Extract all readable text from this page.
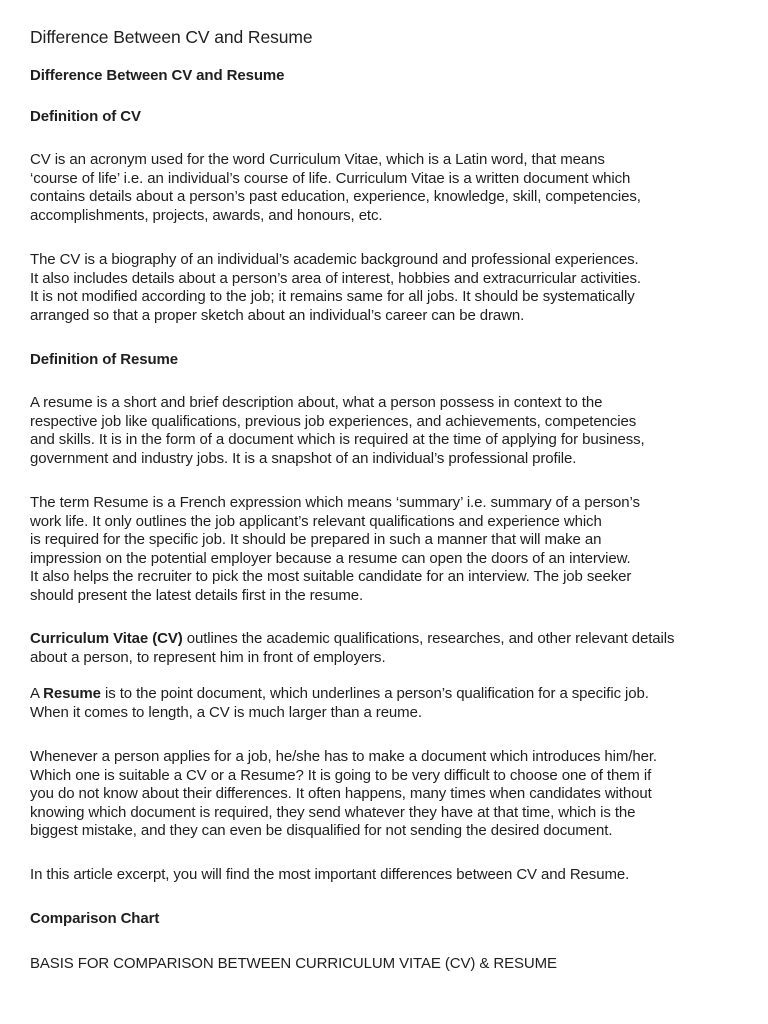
Difference Between CV and Resume
Difference Between CV and Resume
Definition of CV

CV is an acronym used for the word Curriculum Vitae, which is a Latin word, that means
‘course of life’ i.e. an individual’s course of life. Curriculum Vitae is a written document which
contains details about a person’s past education, experience, knowledge, skill, competencies,
accomplishments, projects, awards, and honours, etc.

The CV is a biography of an individual’s academic background and professional experiences.
It also includes details about a person’s area of interest, hobbies and extracurricular activities.
It is not modified according to the job; it remains same for all jobs. It should be systematically
arranged so that a proper sketch about an individual’s career can be drawn.

Definition of Resume

A resume is a short and brief description about, what a person possess in context to the
respective job like qualifications, previous job experiences, and achievements, competencies
and skills. It is in the form of a document which is required at the time of applying for business,
government and industry jobs. It is a snapshot of an individual’s professional profile.

The term Resume is a French expression which means ‘summary’ i.e. summary of a person’s
work life. It only outlines the job applicant’s relevant qualifications and experience which
is required for the specific job. It should be prepared in such a manner that will make an
impression on the potential employer because a resume can open the doors of an interview.
It also helps the recruiter to pick the most suitable candidate for an interview. The job seeker
should present the latest details first in the resume.

Curriculum Vitae (CV) outlines the academic qualifications, researches, and other relevant details
about a person, to represent him in front of employers.

A Resume is to the point document, which underlines a person’s qualification for a specific job.
When it comes to length, a CV is much larger than a reume.

Whenever a person applies for a job, he/she has to make a document which introduces him/her.
Which one is suitable a CV or a Resume? It is going to be very difficult to choose one of them if
you do not know about their differences. It often happens, many times when candidates without
knowing which document is required, they send whatever they have at that time, which is the
biggest mistake, and they can even be disqualified for not sending the desired document.

In this article excerpt, you will find the most important differences between CV and Resume.

Comparison Chart

BASIS FOR COMPARISON BETWEEN CURRICULUM VITAE (CV) & RESUME
